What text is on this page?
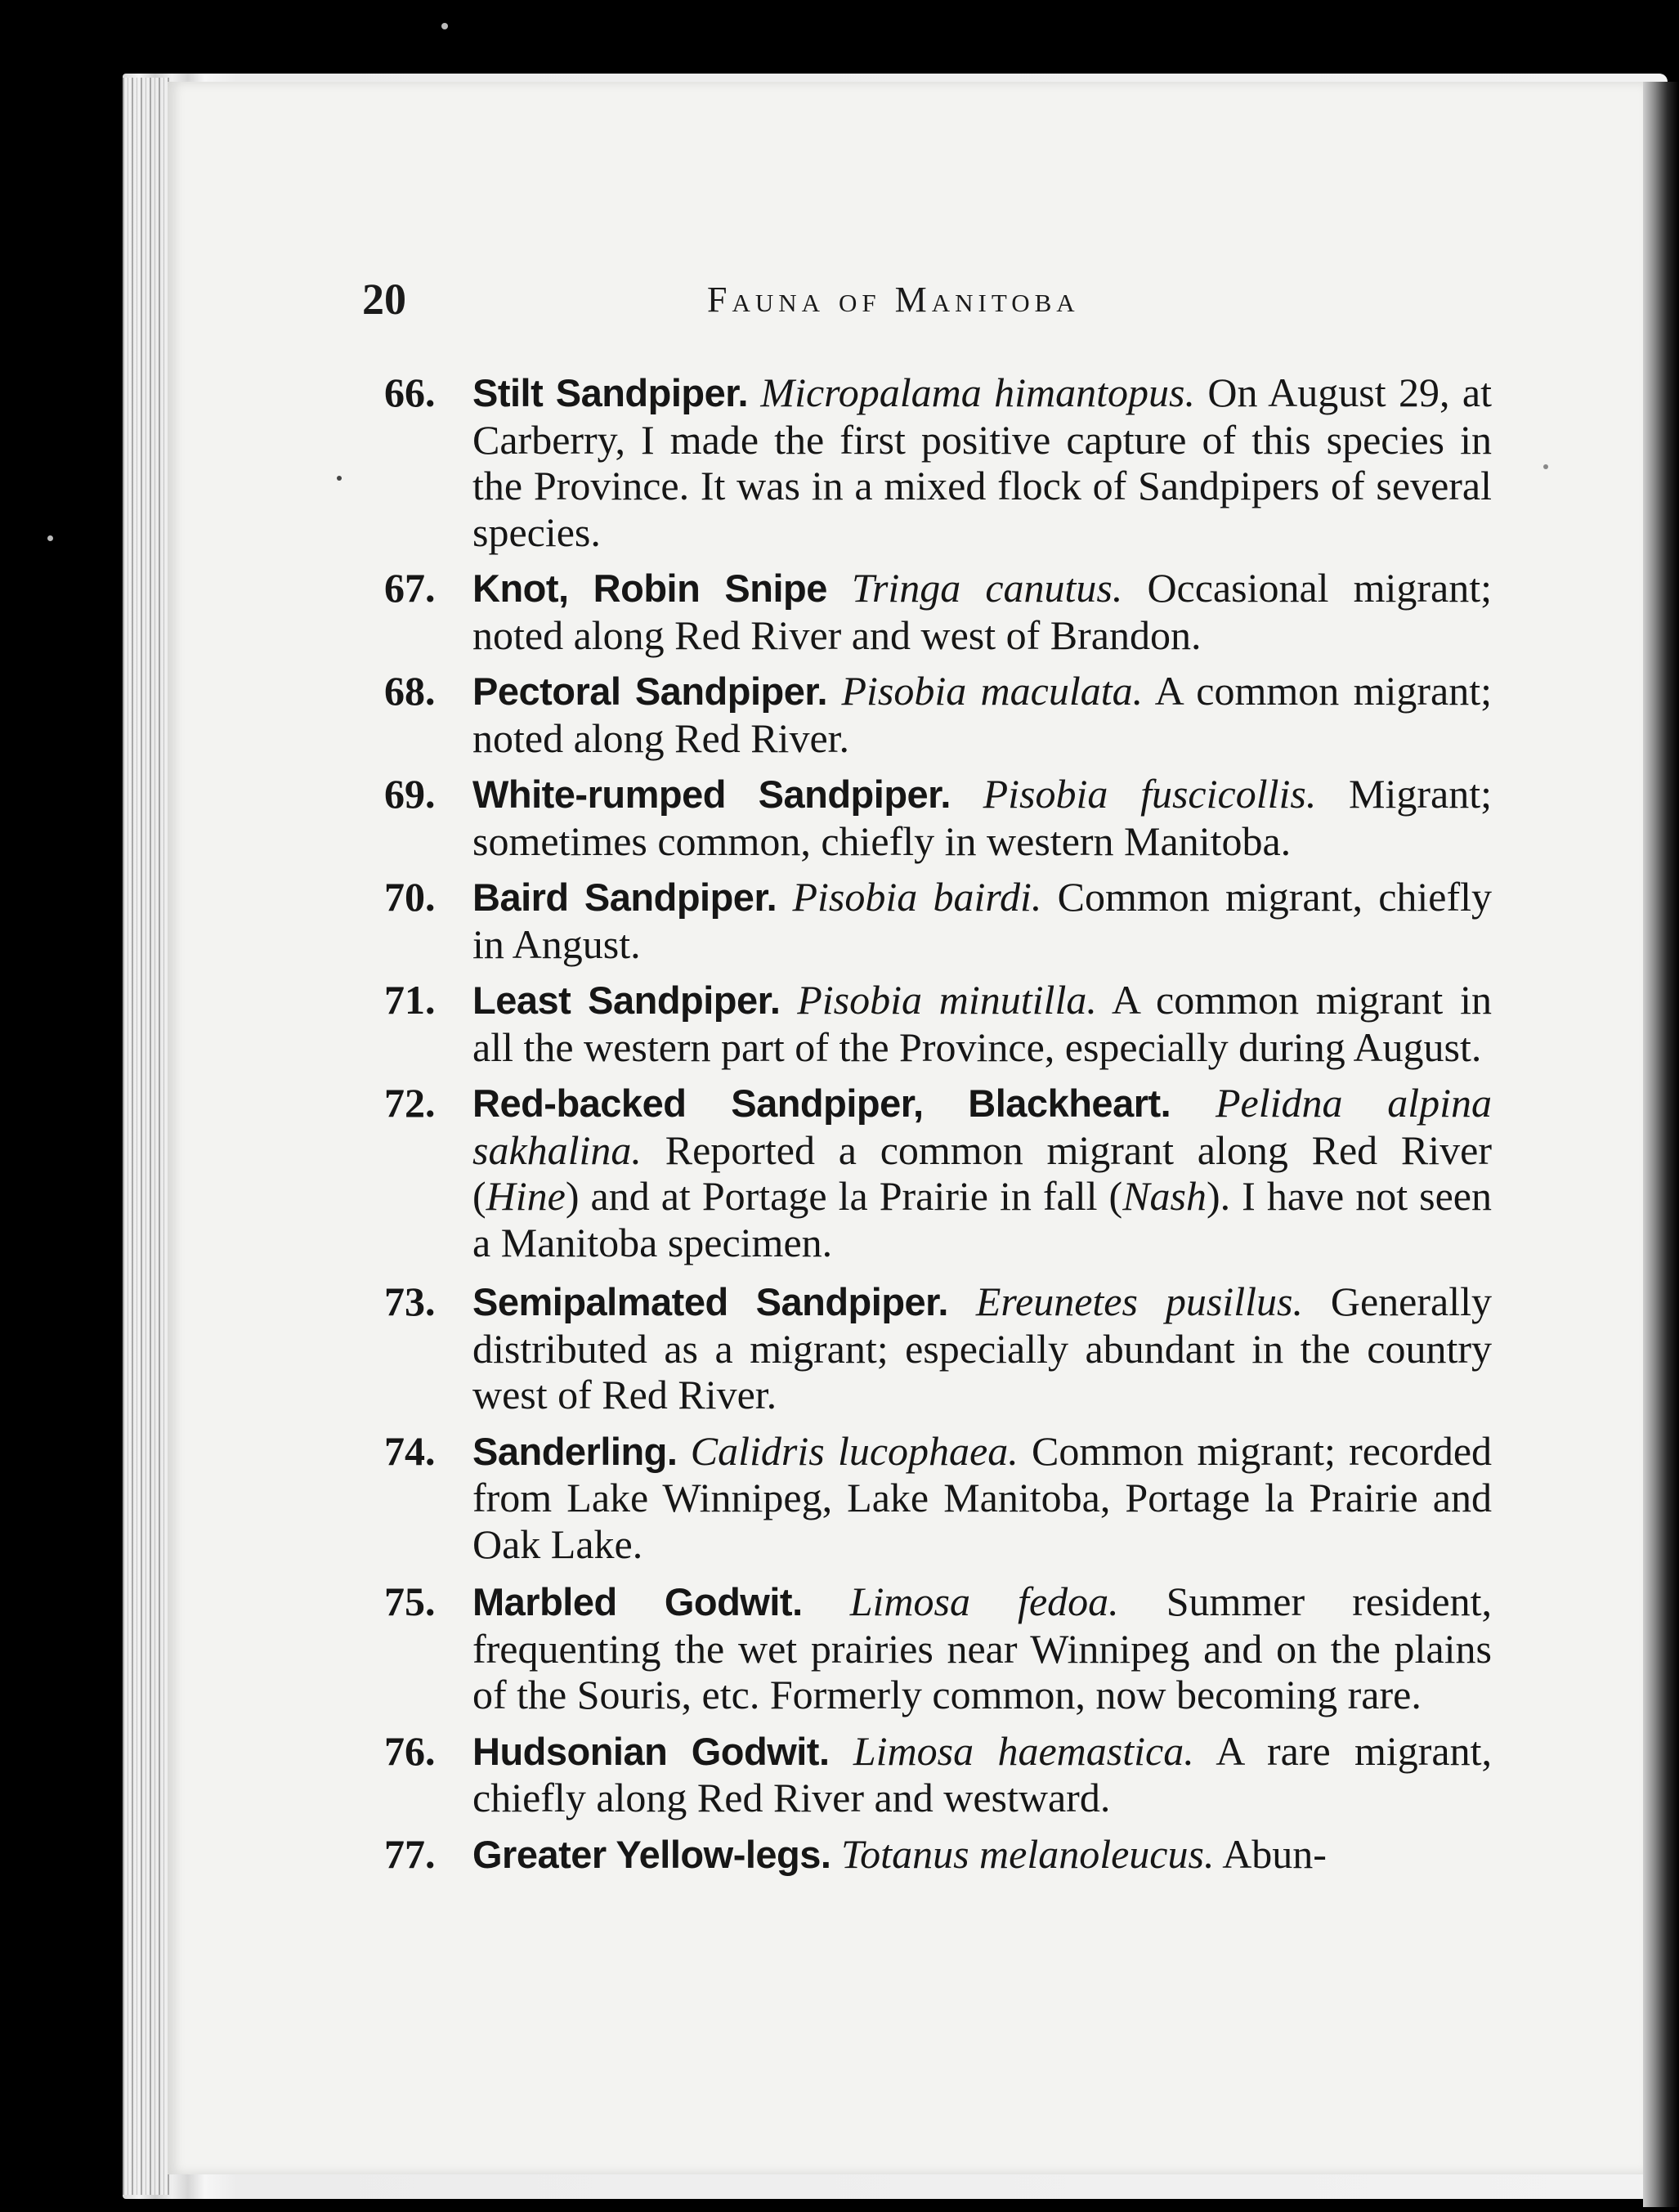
20	Fauna of Manitoba
66. Stilt Sandpiper. Micropalama himantopus. On August 29, at Carberry, I made the first positive capture of this species in the Province. It was in a mixed flock of Sandpipers of several species.
67. Knot, Robin Snipe Tringa canutus. Occasional migrant; noted along Red River and west of Brandon.
68. Pectoral Sandpiper. Pisobia maculata. A common migrant; noted along Red River.
69. White-rumped Sandpiper. Pisobia fuscicollis. Migrant; sometimes common, chiefly in western Manitoba.
70. Baird Sandpiper. Pisobia bairdi. Common migrant, chiefly in Angust.
71. Least Sandpiper. Pisobia minutilla. A common migrant in all the western part of the Province, especially during August.
72. Red-backed Sandpiper, Blackheart. Pelidna alpina sakhalina. Reported a common migrant along Red River (Hine) and at Portage la Prairie in fall (Nash). I have not seen a Manitoba specimen.
73. Semipalmated Sandpiper. Ereunetes pusillus. Generally distributed as a migrant; especially abundant in the country west of Red River.
74. Sanderling. Calidris lucophaea. Common migrant; recorded from Lake Winnipeg, Lake Manitoba, Portage la Prairie and Oak Lake.
75. Marbled Godwit. Limosa fedoa. Summer resident, frequenting the wet prairies near Winnipeg and on the plains of the Souris, etc. Formerly common, now becoming rare.
76. Hudsonian Godwit. Limosa haemastica. A rare migrant, chiefly along Red River and westward.
77. Greater Yellow-legs. Totanus melanoleucus. Abun-
